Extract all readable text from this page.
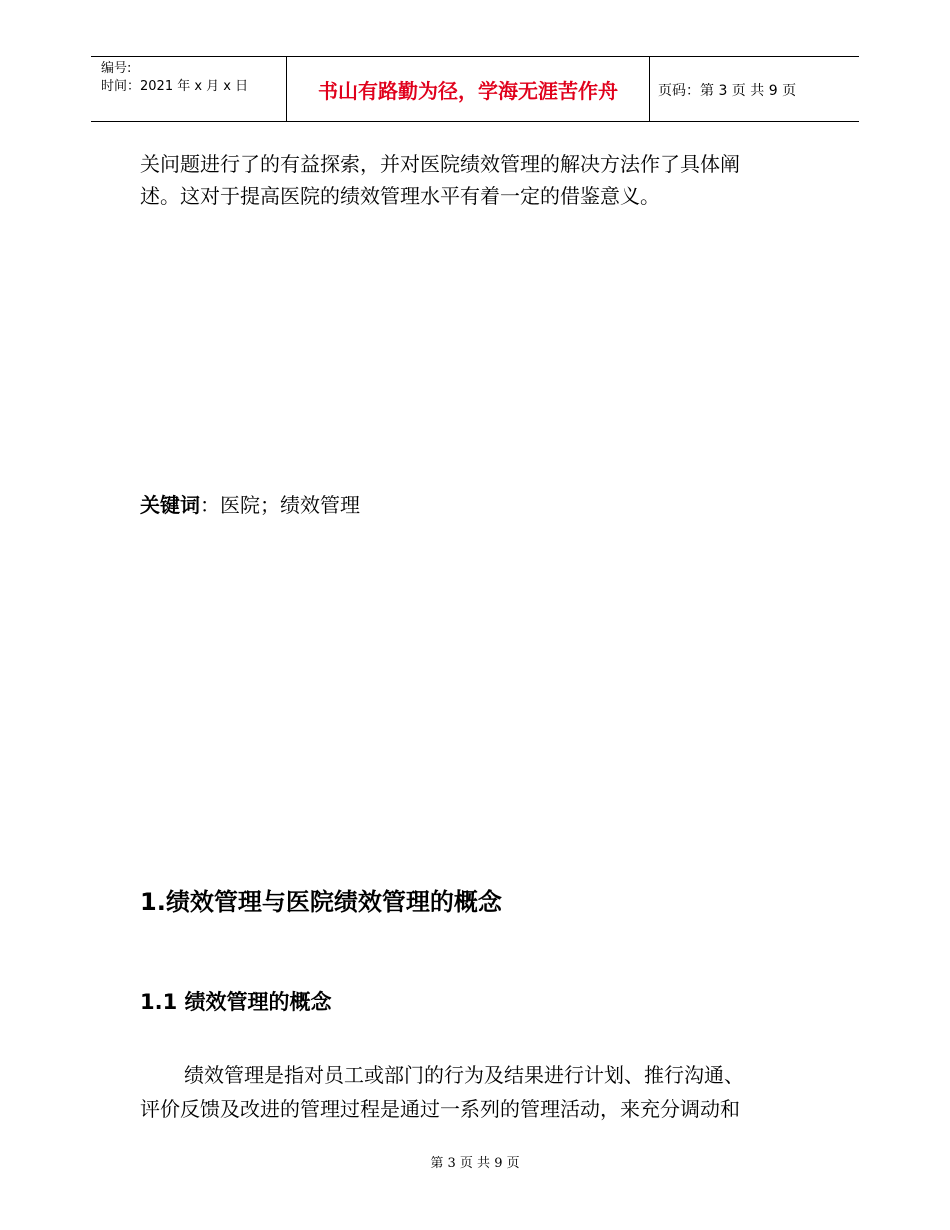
编号:
时间：2021 年 x 月 x 日	书山有路勤为径，学海无涯苦作舟	页码：第 3 页 共 9 页
关问题进行了的有益探索，并对医院绩效管理的解决方法作了具体阐
述。这对于提高医院的绩效管理水平有着一定的借鉴意义。
关键词：医院；绩效管理
1.绩效管理与医院绩效管理的概念
1.1 绩效管理的概念
绩效管理是指对员工或部门的行为及结果进行计划、推行沟通、
评价反馈及改进的管理过程是通过一系列的管理活动，来充分调动和
第 3 页 共 9 页
